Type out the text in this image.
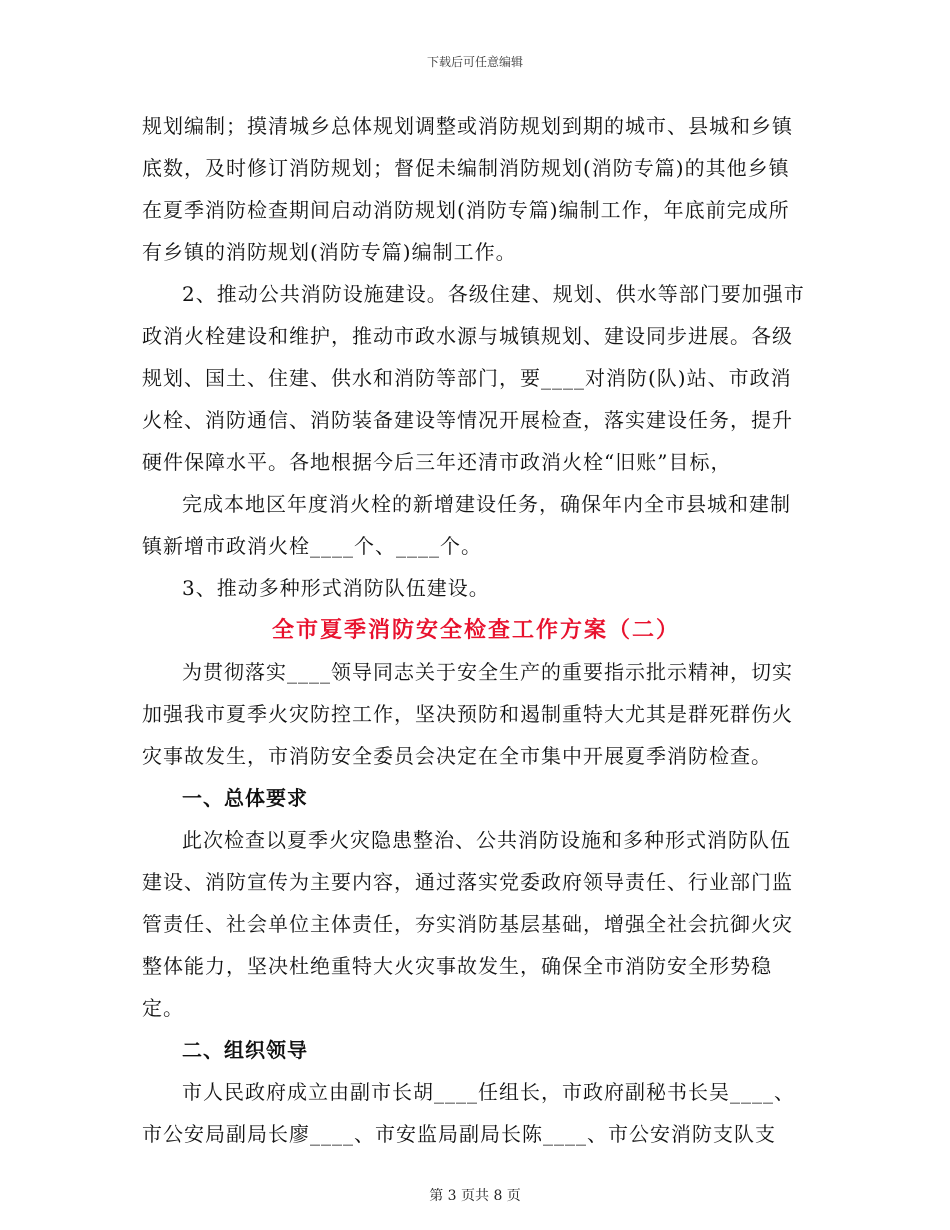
下载后可任意编辑

规划编制；摸清城乡总体规划调整或消防规划到期的城市、县城和乡镇底数，及时修订消防规划；督促未编制消防规划(消防专篇)的其他乡镇在夏季消防检查期间启动消防规划(消防专篇)编制工作，年底前完成所有乡镇的消防规划(消防专篇)编制工作。

2、推动公共消防设施建设。各级住建、规划、供水等部门要加强市政消火栓建设和维护，推动市政水源与城镇规划、建设同步进展。各级规划、国土、住建、供水和消防等部门，要____对消防(队)站、市政消火栓、消防通信、消防装备建设等情况开展检查，落实建设任务，提升硬件保障水平。各地根据今后三年还清市政消火栓“旧账”目标，

完成本地区年度消火栓的新增建设任务，确保年内全市县城和建制镇新增市政消火栓____个、____个。

3、推动多种形式消防队伍建设。

全市夏季消防安全检查工作方案（二）

为贯彻落实____领导同志关于安全生产的重要指示批示精神，切实加强我市夏季火灾防控工作，坚决预防和遏制重特大尤其是群死群伤火灾事故发生，市消防安全委员会决定在全市集中开展夏季消防检查。

一、总体要求

此次检查以夏季火灾隐患整治、公共消防设施和多种形式消防队伍建设、消防宣传为主要内容，通过落实党委政府领导责任、行业部门监管责任、社会单位主体责任，夯实消防基层基础，增强全社会抗御火灾整体能力，坚决杜绝重特大火灾事故发生，确保全市消防安全形势稳定。

二、组织领导

市人民政府成立由副市长胡____任组长，市政府副秘书长吴____、市公安局副局长廖____、市安监局副局长陈____、市公安消防支队支

第 3 页共 8 页
